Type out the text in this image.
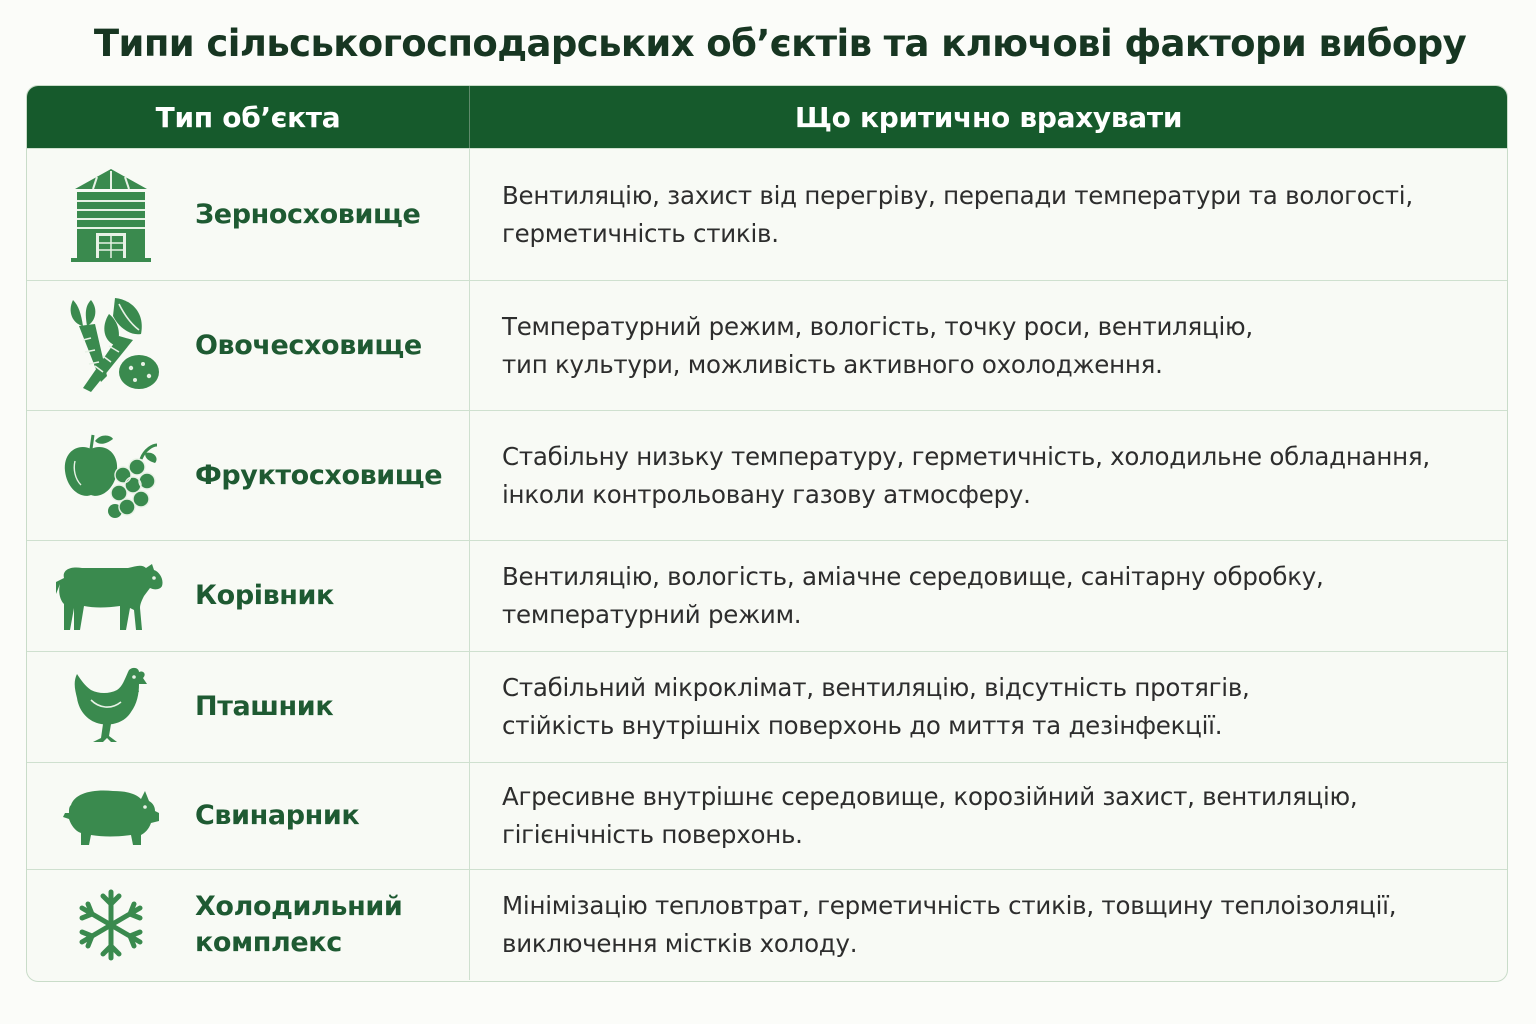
Типи сільськогосподарських об’єктів та ключові фактори вибору
Тип об’єкта	Що критично врахувати
Зерносховище
Вентиляцію, захист від перегріву, перепади температури та вологості,
герметичність стиків.
Овочесховище
Температурний режим, вологість, точку роси, вентиляцію,
тип культури, можливість активного охолодження.
Фруктосховище
Стабільну низьку температуру, герметичність, холодильне обладнання,
інколи контрольовану газову атмосферу.
Корівник
Вентиляцію, вологість, аміачне середовище, санітарну обробку,
температурний режим.
Пташник
Стабільний мікроклімат, вентиляцію, відсутність протягів,
стійкість внутрішніх поверхонь до миття та дезінфекції.
Свинарник
Агресивне внутрішнє середовище, корозійний захист, вентиляцію,
гігієнічність поверхонь.
Холодильний
комплекс
Мінімізацію тепловтрат, герметичність стиків, товщину теплоізоляції,
виключення містків холоду.
